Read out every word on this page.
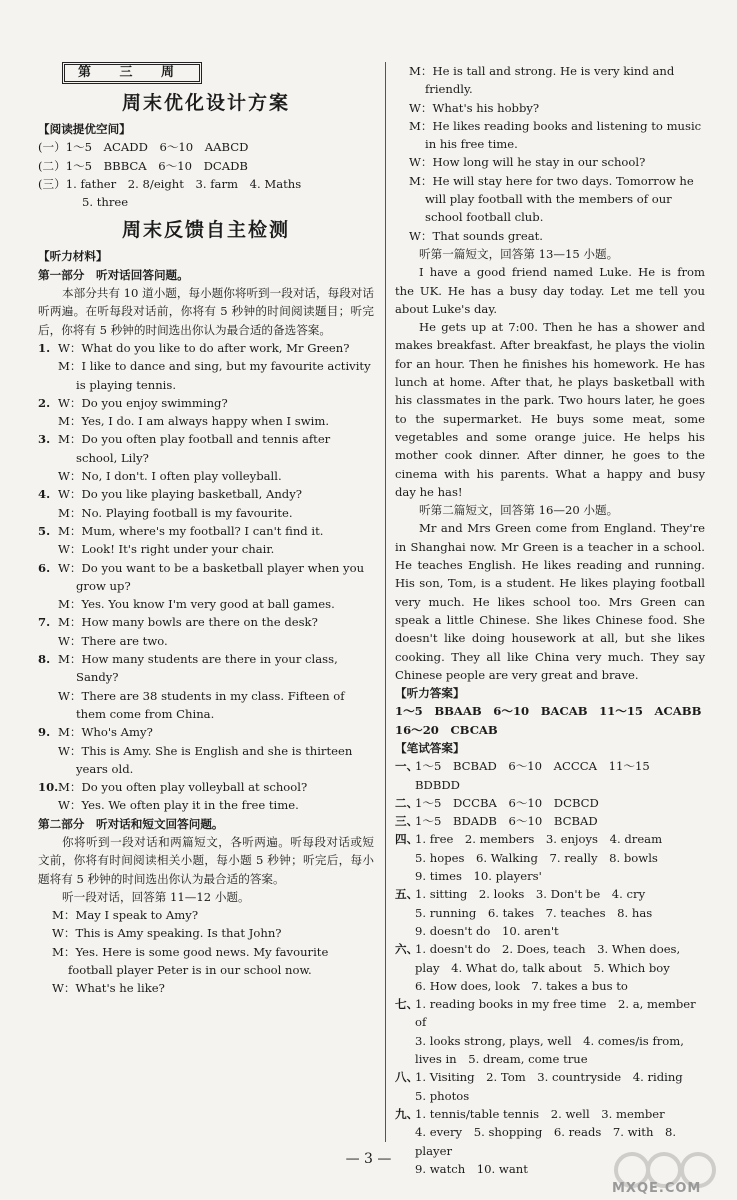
第 三 周
周末优化设计方案
【阅读提优空间】
(一）1～5　ACADD　6～10　AABCD
(二）1～5　BBBCA　6～10　DCADB
(三）1. father　2. 8/eight　3. farm　4. Maths
5. three
周末反馈自主检测
【听力材料】
第一部分　听对话回答问题。

本部分共有 10 道小题，每小题你将听到一段对话，每段对话听两遍。在听每段对话前，你将有 5 秒钟的时间阅读题目；听完后，你将有 5 秒钟的时间选出你认为最合适的备选答案。

1. W：What do you like to do after work, Mr Green?
M：I like to dance and sing, but my favourite activity is playing tennis.
2. W：Do you enjoy swimming?
M：Yes, I do. I am always happy when I swim.
3. M：Do you often play football and tennis after school, Lily?
W：No, I don't. I often play volleyball.
4. W：Do you like playing basketball, Andy?
M：No. Playing football is my favourite.
5. M：Mum, where's my football? I can't find it.
W：Look! It's right under your chair.
6. W：Do you want to be a basketball player when you grow up?
M：Yes. You know I'm very good at ball games.
7. M：How many bowls are there on the desk?
W：There are two.
8. M：How many students are there in your class, Sandy?
W：There are 38 students in my class. Fifteen of them come from China.
9. M：Who's Amy?
W：This is Amy. She is English and she is thirteen years old.
10. M：Do you often play volleyball at school?
W：Yes. We often play it in the free time.
第二部分　听对话和短文回答问题。

你将听到一段对话和两篇短文，各听两遍。听每段对话或短文前，你将有时间阅读相关小题，每小题 5 秒钟；听完后，每小题将有 5 秒钟的时间选出你认为最合适的答案。

听一段对话，回答第 11—12 小题。

M：May I speak to Amy?
W：This is Amy speaking. Is that John?
M：Yes. Here is some good news. My favourite football player Peter is in our school now.
W：What's he like?
M：He is tall and strong. He is very kind and friendly.
W：What's his hobby?
M：He likes reading books and listening to music in his free time.
W：How long will he stay in our school?
M：He will stay here for two days. Tomorrow he will play football with the members of our school football club.
W：That sounds great.

听第一篇短文，回答第 13—15 小题。

I have a good friend named Luke. He is from the UK. He has a busy day today. Let me tell you about Luke's day.

He gets up at 7:00. Then he has a shower and makes breakfast. After breakfast, he plays the violin for an hour. Then he finishes his homework. He has lunch at home. After that, he plays basketball with his classmates in the park. Two hours later, he goes to the supermarket. He buys some meat, some vegetables and some orange juice. He helps his mother cook dinner. After dinner, he goes to the cinema with his parents. What a happy and busy day he has!

听第二篇短文，回答第 16—20 小题。

Mr and Mrs Green come from England. They're in Shanghai now. Mr Green is a teacher in a school. He teaches English. He likes reading and running. His son, Tom, is a student. He likes playing football very much. He likes school too. Mrs Green can speak a little Chinese. She likes Chinese food. She doesn't like doing housework at all, but she likes cooking. They all like China very much. They say Chinese people are very great and brave.

【听力答案】
1～5　BBAAB　6～10　BACAB　11～15　ACABB
16～20　CBCAB
【笔试答案】
一、
1～5　BCBAD　6～10　ACCCA　11～15　BDBDD
二、
1～5　DCCBA　6～10　DCBCD
三、
1～5　BDADB　6～10　BCBAD
四、
1. free　2. members　3. enjoys　4. dream
5. hopes　6. Walking　7. really　8. bowls
9. times　10. players'
五、
1. sitting　2. looks　3. Don't be　4. cry
5. running　6. takes　7. teaches　8. has
9. doesn't do　10. aren't
六、
1. doesn't do　2. Does, teach　3. When does, play　4. What do, talk about　5. Which boy
6. How does, look　7. takes a bus to
七、
1. reading books in my free time　2. a, member of
3. looks strong, plays, well　4. comes/is from, lives in　5. dream, come true
八、
1. Visiting　2. Tom　3. countryside　4. riding
5. photos
九、
1. tennis/table tennis　2. well　3. member
4. every　5. shopping　6. reads　7. with　8. player
9. watch　10. want
— 3 —
MXQE.COM
